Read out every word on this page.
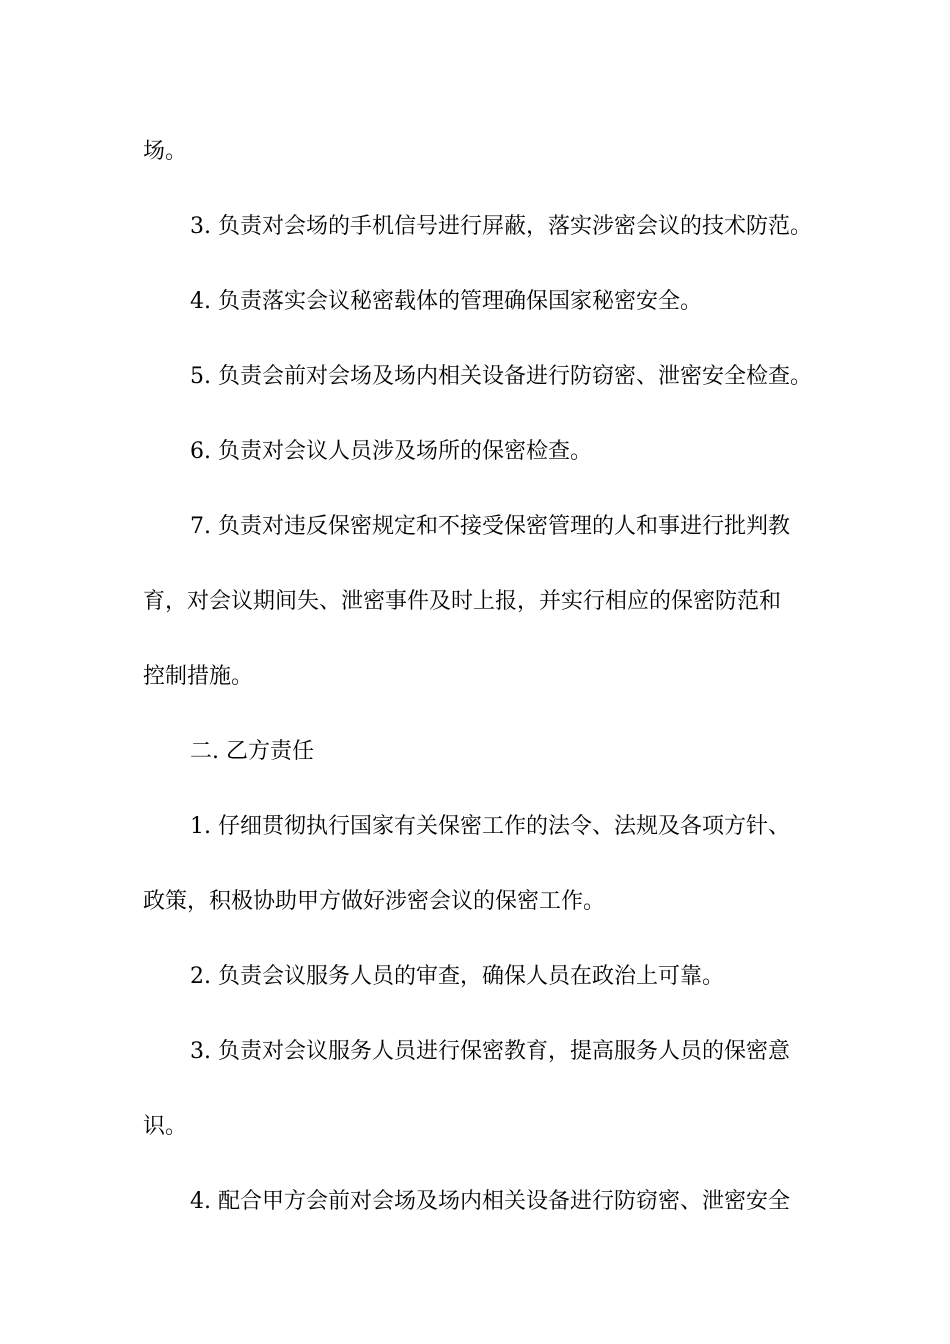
场。
3. 负责对会场的手机信号进行屏蔽，落实涉密会议的技术防范。
4. 负责落实会议秘密载体的管理确保国家秘密安全。
5. 负责会前对会场及场内相关设备进行防窃密、泄密安全检查。
6. 负责对会议人员涉及场所的保密检查。
7. 负责对违反保密规定和不接受保密管理的人和事进行批判教
育，对会议期间失、泄密事件及时上报，并实行相应的保密防范和
控制措施。
二. 乙方责任
1. 仔细贯彻执行国家有关保密工作的法令、法规及各项方针、
政策，积极协助甲方做好涉密会议的保密工作。
2. 负责会议服务人员的审查，确保人员在政治上可靠。
3. 负责对会议服务人员进行保密教育，提高服务人员的保密意
识。
4. 配合甲方会前对会场及场内相关设备进行防窃密、泄密安全
